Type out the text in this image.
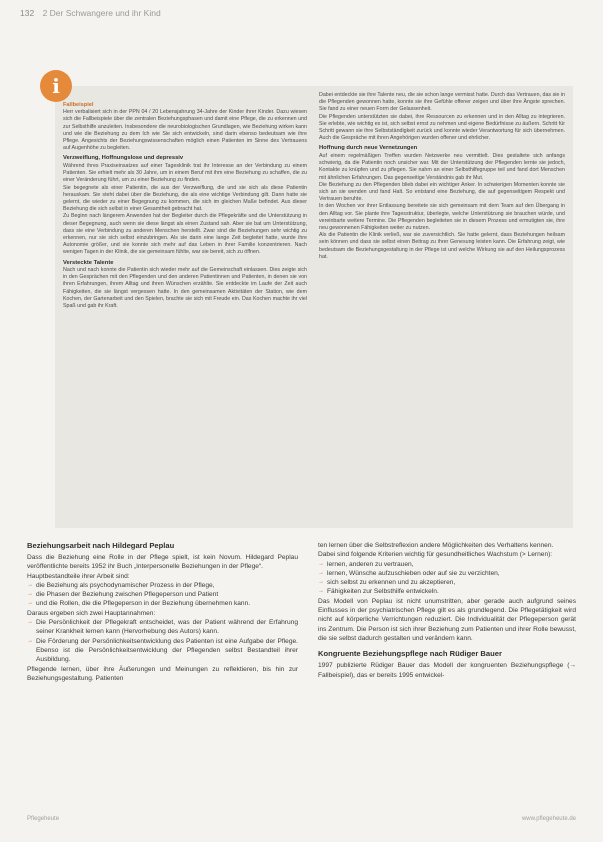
132 2 Der Schwangere und ihr Kind
i
Fallbeispiel

Herr verbalisiert sich in der PPN 04 / 20 Lebensjahrung 34-Jahre der Kinder ihrer Kinder. Dazu wiesen sich die Fallbeispiele über die zentralen Beziehungsphasen und damit eine Pflege, die zu erkennen und zur Selbsthilfe anzuleiten. Insbesondere die neurobiologischen Grundlagen, wie Beziehung wirken kann und wie die Beziehung zu dem Ich wie Sie sich entwickeln, sind darin ebenso bedeutsam wie ihre Pflege. Angesichts der Beziehungswissenschaften möglich einen Patienten im Sinne des Vertrauens auf Augenhöhe zu begleiten.

Verzweiflung, Hoffnungslose und depressiv

Während ihres Praxiseinsatzes auf einer Tagesklinik trat ihr Interesse an der Verbindung zu einem Patienten. Sie erhielt mehr als 30 Jahre, um in einem Beruf mit ihm eine Beziehung zu schaffen, die zu einer Veränderung führt, um zu einer Beziehung zu finden.

Sie begegnete als einer Patientin, die aus der Verzweiflung, die und sie sich als diese Patientin herauskam. Sie steht dabei über die Beziehung, die als eine wichtige Verbindung gilt. Dann hatte sie gelernt, die wieder zu einer Begegnung zu kommen, die sich im gleichen Maße befindet. Aus dieser Beziehung die sich selbst in einer Gesamtheit gebracht hat.

Zu Beginn nach längerem Anwenden hat der Begleiter durch die Pflegekräfte und die Unterstützung in dieser Begegnung, auch wenn sie diese längst als einen Zustand sah. Aber sie bat um Unterstützung, dass sie eine Verbindung zu anderen Menschen herstellt. Zwar sind die Beziehungen sehr wichtig zu erkennen, nur sie sich selbst einzubringen. Als sie darin eine lange Zeit begleitet hatte, wurde ihre Autonomie größer, und sie konnte sich mehr auf das Leben in ihrer Familie konzentrieren. Nach wenigen Tagen in der Klinik, die sie gemeinsam fühlte, war sie bereit, sich zu öffnen.

Versteckte Talente

Nach und nach konnte die Patientin sich wieder mehr auf die Gemeinschaft einlassen. Dies zeigte sich in den Gesprächen mit den Pflegenden und den anderen Patientinnen und Patienten, in denen sie von ihren Erfahrungen, ihrem Alltag und ihren Wünschen erzählte. Sie entdeckte im Laufe der Zeit auch Fähigkeiten, die sie längst vergessen hatte. In den gemeinsamen Aktivitäten der Station, wie dem Kochen, der Gartenarbeit und den Spielen, brachte sie sich mit Freude ein. Das Kochen machte ihr viel Spaß und gab ihr Kraft.

Dabei entdeckte sie ihre Talente neu, die sie schon lange vermisst hatte. Durch das Vertrauen, das sie in die Pflegenden gewonnen hatte, konnte sie ihre Gefühle offener zeigen und über ihre Ängste sprechen. Sie fand zu einer neuen Form der Gelassenheit.

Die Pflegenden unterstützten sie dabei, ihre Ressourcen zu erkennen und in den Alltag zu integrieren. Sie erlebte, wie wichtig es ist, sich selbst ernst zu nehmen und eigene Bedürfnisse zu äußern. Schritt für Schritt gewann sie ihre Selbstständigkeit zurück und konnte wieder Verantwortung für sich übernehmen. Auch die Gespräche mit ihren Angehörigen wurden offener und ehrlicher.

Hoffnung durch neue Vernetzungen

Auf einem regelmäßigen Treffen wurden Netzwerke neu vermittelt. Dies gestaltete sich anfangs schwierig, da die Patientin noch unsicher war. Mit der Unterstützung der Pflegenden lernte sie jedoch, Kontakte zu knüpfen und zu pflegen. Sie nahm an einer Selbsthilfegruppe teil und fand dort Menschen mit ähnlichen Erfahrungen. Das gegenseitige Verständnis gab ihr Mut.

Die Beziehung zu den Pflegenden blieb dabei ein wichtiger Anker. In schwierigen Momenten konnte sie sich an sie wenden und fand Halt. So entstand eine Beziehung, die auf gegenseitigem Respekt und Vertrauen beruhte.

In den Wochen vor ihrer Entlassung bereitete sie sich gemeinsam mit dem Team auf den Übergang in den Alltag vor. Sie plante ihre Tagesstruktur, überlegte, welche Unterstützung sie brauchen würde, und vereinbarte weitere Termine. Die Pflegenden begleiteten sie in diesem Prozess und ermutigten sie, ihre neu gewonnenen Fähigkeiten weiter zu nutzen.

Als die Patientin die Klinik verließ, war sie zuversichtlich. Sie hatte gelernt, dass Beziehungen heilsam sein können und dass sie selbst einen Beitrag zu ihrer Genesung leisten kann. Die Erfahrung zeigt, wie bedeutsam die Beziehungsgestaltung in der Pflege ist und welche Wirkung sie auf den Heilungsprozess hat.

Beziehungsarbeit nach Hildegard Peplau

Dass die Beziehung eine Rolle in der Pflege spielt, ist kein Novum. Hildegard Peplau veröffentlichte bereits 1952 ihr Buch „Interpersonelle Beziehungen in der Pflege“.

Hauptbestandteile ihrer Arbeit sind:

→ die Beziehung als psychodynamischer Prozess in der Pflege,
→ die Phasen der Beziehung zwischen Pflegeperson und Patient
→ und die Rollen, die die Pflegeperson in der Beziehung übernehmen kann.

Daraus ergeben sich zwei Hauptannahmen:

→ Die Persönlichkeit der Pflegekraft entscheidet, was der Patient während der Erfahrung seiner Krankheit lernen kann (Hervorhebung des Autors) kann.
→ Die Förderung der Persönlichkeitsentwicklung des Patienten ist eine Aufgabe der Pflege. Ebenso ist die Persönlichkeitsentwicklung der Pflegenden selbst Bestandteil ihrer Ausbildung.

Pflegende lernen, über ihre Äußerungen und Meinungen zu reflektieren, bis hin zur Beziehungsgestaltung. Patienten

ten lernen über die Selbstreflexion andere Möglichkeiten des Verhaltens kennen.

Dabei sind folgende Kriterien wichtig für gesundheitliches Wachstum (> Lernen):

→ lernen, anderen zu vertrauen,
→ lernen, Wünsche aufzuschieben oder auf sie zu verzichten,
→ sich selbst zu erkennen und zu akzeptieren,
→ Fähigkeiten zur Selbsthilfe entwickeln.

Das Modell von Peplau ist nicht unumstritten, aber gerade auch aufgrund seines Einflusses in der psychiatrischen Pflege gilt es als grundlegend. Die Pflegetätigkeit wird nicht auf körperliche Verrichtungen reduziert. Die Individualität der Pflegeperson gerät ins Zentrum. Die Person ist sich ihrer Beziehung zum Patienten und ihrer Rolle bewusst, die sie selbst dadurch gestalten und verändern kann.

Kongruente Beziehungspflege nach Rüdiger Bauer

1997 publizierte Rüdiger Bauer das Modell der kongruenten Beziehungspflege (→ Fallbeispiel), das er bereits 1995 entwickel-

Pflegeheute	www.pflegeheute.de
